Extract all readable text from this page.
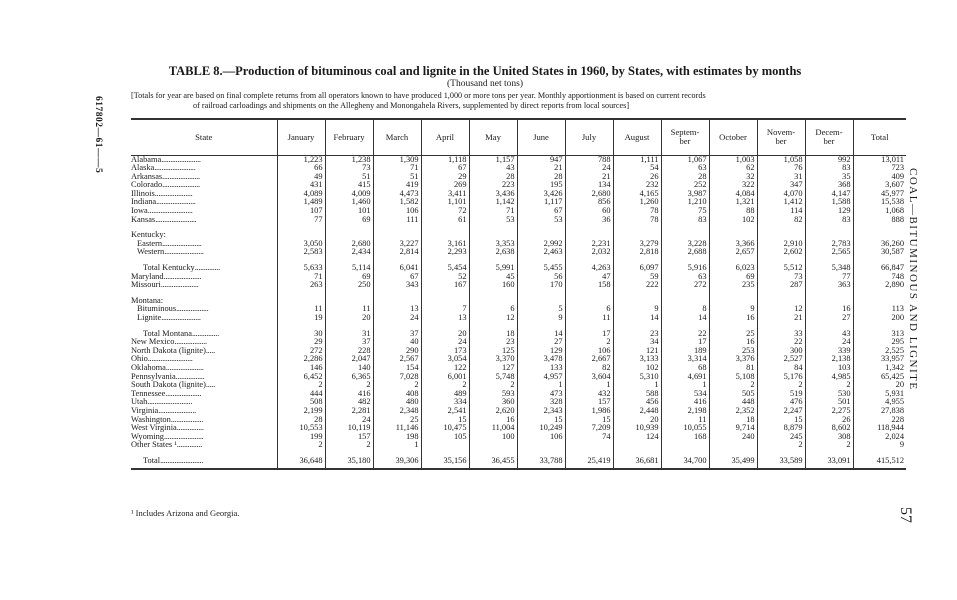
617802—61——5
TABLE 8.—Production of bituminous coal and lignite in the United States in 1960, by States, with estimates by months
(Thousand net tons)
[Totals for year are based on final complete returns from all operators known to have produced 1,000 or more tons per year. Monthly apportionment is based on current records
of railroad carloadings and shipments on the Allegheny and Monongahela Rivers, supplemented by direct reports from local sources]
State	January	February	March	April	May	June	July	August	Septem-
ber	October	Novem-
ber	Decem-
ber	Total
Alabama......................	1,223	1,238	1,309	1,118	1,157	947	788	1,111	1,067	1,003	1,058	992	13,011
Alaska.......................	66	73	71	67	43	21	24	54	63	62	76	83	723
Arkansas.....................	49	51	51	29	28	28	21	26	28	32	31	35	409
Colorado.....................	431	415	419	269	223	195	134	232	252	322	347	368	3,607
Illinois.....................	4,089	4,009	4,473	3,411	3,436	3,426	2,680	4,165	3,987	4,084	4,070	4,147	45,977
Indiana......................	1,489	1,460	1,582	1,101	1,142	1,117	856	1,260	1,210	1,321	1,412	1,588	15,538
Iowa.........................	107	101	106	72	71	67	60	78	75	88	114	129	1,068
Kansas.......................	77	69	111	61	53	53	36	78	83	102	82	83	888

Kentucky:													
Eastern......................	3,050	2,680	3,227	3,161	3,353	2,992	2,231	3,279	3,228	3,366	2,910	2,783	36,260
Western......................	2,583	2,434	2,814	2,293	2,638	2,463	2,032	2,818	2,688	2,657	2,602	2,565	30,587

Total Kentucky..............	5,633	5,114	6,041	5,454	5,991	5,455	4,263	6,097	5,916	6,023	5,512	5,348	66,847
Maryland.....................	71	69	67	52	45	56	47	59	63	69	73	77	748
Missouri.....................	263	250	343	167	160	170	158	222	272	235	287	363	2,890

Montana:													
Bituminous..................	11	11	13	7	6	5	6	9	8	9	12	16	113
Lignite......................	19	20	24	13	12	9	11	14	14	16	21	27	200

Total Montana...............	30	31	37	20	18	14	17	23	22	25	33	43	313
New Mexico..................	29	37	40	24	23	27	2	34	17	16	22	24	295
North Dakota (lignite).....	272	228	290	173	125	129	106	121	189	253	300	339	2,525
Ohio.........................	2,286	2,047	2,567	3,054	3,370	3,478	2,667	3,133	3,314	3,376	2,527	2,138	33,957
Oklahoma.....................	146	140	154	122	127	133	82	102	68	81	84	103	1,342
Pennsylvania................	6,452	6,365	7,028	6,001	5,748	4,957	3,604	5,310	4,691	5,108	5,176	4,985	65,425
South Dakota (lignite).....	2	2	2	2	2	1	1	1	1	2	2	2	20
Tennessee....................	444	416	408	489	593	473	432	588	534	505	519	530	5,931
Utah.........................	508	482	480	334	360	328	157	456	416	448	476	501	4,955
Virginia.....................	2,199	2,281	2,348	2,541	2,620	2,343	1,986	2,448	2,198	2,352	2,247	2,275	27,838
Washington..................	28	24	25	15	16	15	15	20	11	18	15	26	228
West Virginia...............	10,553	10,119	11,146	10,475	11,004	10,249	7,209	10,939	10,055	9,714	8,879	8,602	118,944
Wyoming......................	199	157	198	105	100	106	74	124	168	240	245	308	2,024
Other States ¹..............	2	2	1								2	2	9

Total........................	36,648	35,180	39,306	35,156	36,455	33,788	25,419	36,681	34,700	35,499	33,589	33,091	415,512
¹ Includes Arizona and Georgia.
COAL—BITUMINOUS AND LIGNITE
57
